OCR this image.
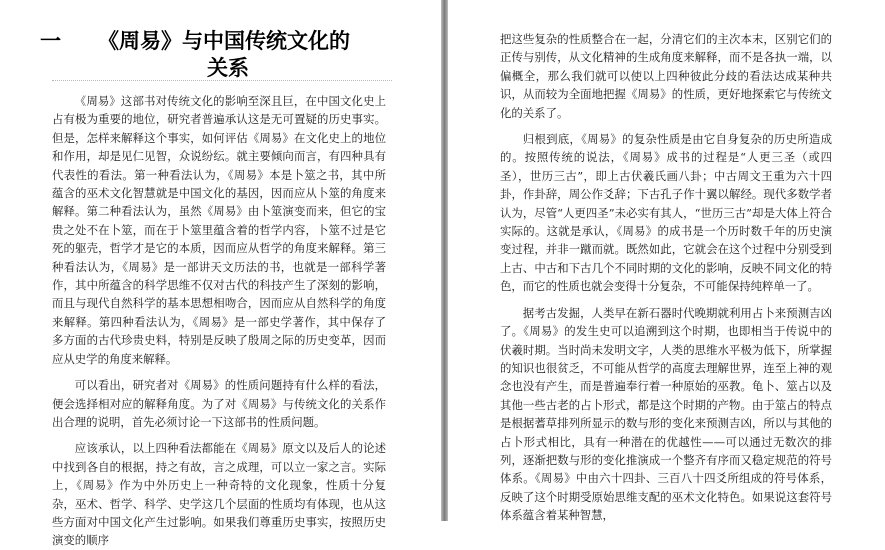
一 《周易》与中国传统文化的
关系

《周易》这部书对传统文化的影响至深且巨，在中国文化史上占有极为重要的地位，研究者普遍承认这是无可置疑的历史事实。但是，怎样来解释这个事实，如何评估《周易》在文化史上的地位和作用，却是见仁见智，众说纷纭。就主要倾向而言，有四种具有代表性的看法。第一种看法认为，《周易》本是卜筮之书，其中所蕴含的巫术文化智慧就是中国文化的基因，因而应从卜筮的角度来解释。第二种看法认为，虽然《周易》由卜筮演变而来，但它的宝贵之处不在卜筮，而在于卜筮里蕴含着的哲学内容，卜筮不过是它死的躯壳，哲学才是它的本质，因而应从哲学的角度来解释。第三种看法认为，《周易》是一部讲天文历法的书，也就是一部科学著作，其中所蕴含的科学思维不仅对古代的科技产生了深刻的影响，而且与现代自然科学的基本思想相吻合，因而应从自然科学的角度来解释。第四种看法认为，《周易》是一部史学著作，其中保存了多方面的古代珍贵史料，特别是反映了殷周之际的历史变革，因而应从史学的角度来解释。

可以看出，研究者对《周易》的性质问题持有什么样的看法，便会选择相对应的解释角度。为了对《周易》与传统文化的关系作出合理的说明，首先必须讨论一下这部书的性质问题。

应该承认，以上四种看法都能在《周易》原文以及后人的论述中找到各自的根据，持之有故，言之成理，可以立一家之言。实际上，《周易》作为中外历史上一种奇特的文化现象，性质十分复杂，巫术、哲学、科学、史学这几个层面的性质均有体现，也从这些方面对中国文化产生过影响。如果我们尊重历史事实，按照历史演变的顺序

把这些复杂的性质整合在一起，分清它们的主次本末，区别它们的正传与别传，从文化精神的生成角度来解释，而不是各执一端，以偏概全，那么我们就可以使以上四种彼此分歧的看法达成某种共识，从而较为全面地把握《周易》的性质，更好地探索它与传统文化的关系了。

归根到底，《周易》的复杂性质是由它自身复杂的历史所造成的。按照传统的说法，《周易》成书的过程是“人更三圣（或四圣），世历三古”，即上古伏羲氏画八卦；中古周文王重为六十四卦，作卦辞，周公作爻辞；下古孔子作十翼以解经。现代多数学者认为，尽管“人更四圣”未必实有其人，“世历三古”却是大体上符合实际的。这就是承认，《周易》的成书是一个历时数千年的历史演变过程，并非一蹴而就。既然如此，它就会在这个过程中分别受到上古、中古和下古几个不同时期的文化的影响，反映不同文化的特色，而它的性质也就会变得十分复杂，不可能保持纯粹单一了。

据考古发掘，人类早在新石器时代晚期就利用占卜来预测吉凶了。《周易》的发生史可以追溯到这个时期，也即相当于传说中的伏羲时期。当时尚未发明文字，人类的思维水平极为低下，所掌握的知识也很贫乏，不可能从哲学的高度去理解世界，连至上神的观念也没有产生，而是普遍奉行着一种原始的巫教。龟卜、筮占以及其他一些古老的占卜形式，都是这个时期的产物。由于筮占的特点是根据蓍草排列所显示的数与形的变化来预测吉凶，所以与其他的占卜形式相比，具有一种潜在的优越性——可以通过无数次的排列，逐渐把数与形的变化推演成一个整齐有序而又稳定规范的符号体系。《周易》中由六十四卦、三百八十四爻所组成的符号体系，反映了这个时期受原始思维支配的巫术文化特色。如果说这套符号体系蕴含着某种智慧，
